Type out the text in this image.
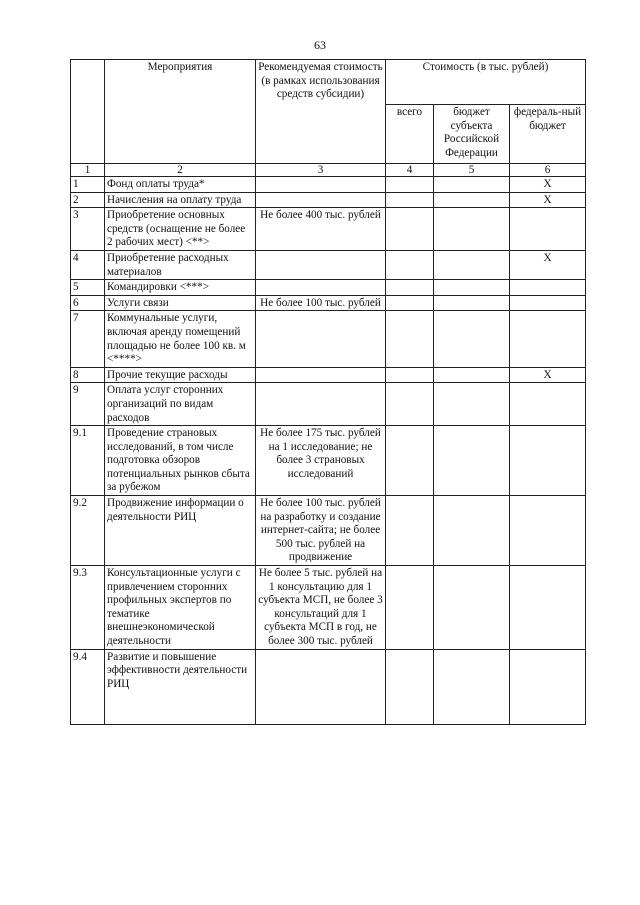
63
	Мероприятия	Рекомендуемая стоимость (в рамках использования средств субсидии)	Стоимость (в тыс. рублей)		
			всего	бюджет субъекта Российской Федерации	федераль-ный бюджет
1	2	3	4	5	6
1	Фонд оплаты труда*				X
2	Начисления на оплату труда				X
3	Приобретение основных средств (оснащение не более 2 рабочих мест) <**>	Не более 400 тыс. рублей			
4	Приобретение расходных материалов				X
5	Командировки <***>				
6	Услуги связи	Не более 100 тыс. рублей			
7	Коммунальные услуги, включая аренду помещений площадью не более 100 кв. м <****>				
8	Прочие текущие расходы				X
9	Оплата услуг сторонних организаций по видам расходов				
9.1	Проведение страновых исследований, в том числе подготовка обзоров потенциальных рынков сбыта за рубежом	Не более 175 тыс. рублей на 1 исследование; не более 3 страновых исследований			
9.2	Продвижение информации о деятельности РИЦ	Не более 100 тыс. рублей на разработку и создание интернет-сайта; не более 500 тыс. рублей на продвижение			
9.3	Консультационные услуги с привлечением сторонних профильных экспертов по тематике внешнеэкономической деятельности	Не более 5 тыс. рублей на 1 консультацию для 1 субъекта МСП, не более 3 консультаций для 1 субъекта МСП в год, не более 300 тыс. рублей			
9.4	Развитие и повышение эффективности деятельности РИЦ				
